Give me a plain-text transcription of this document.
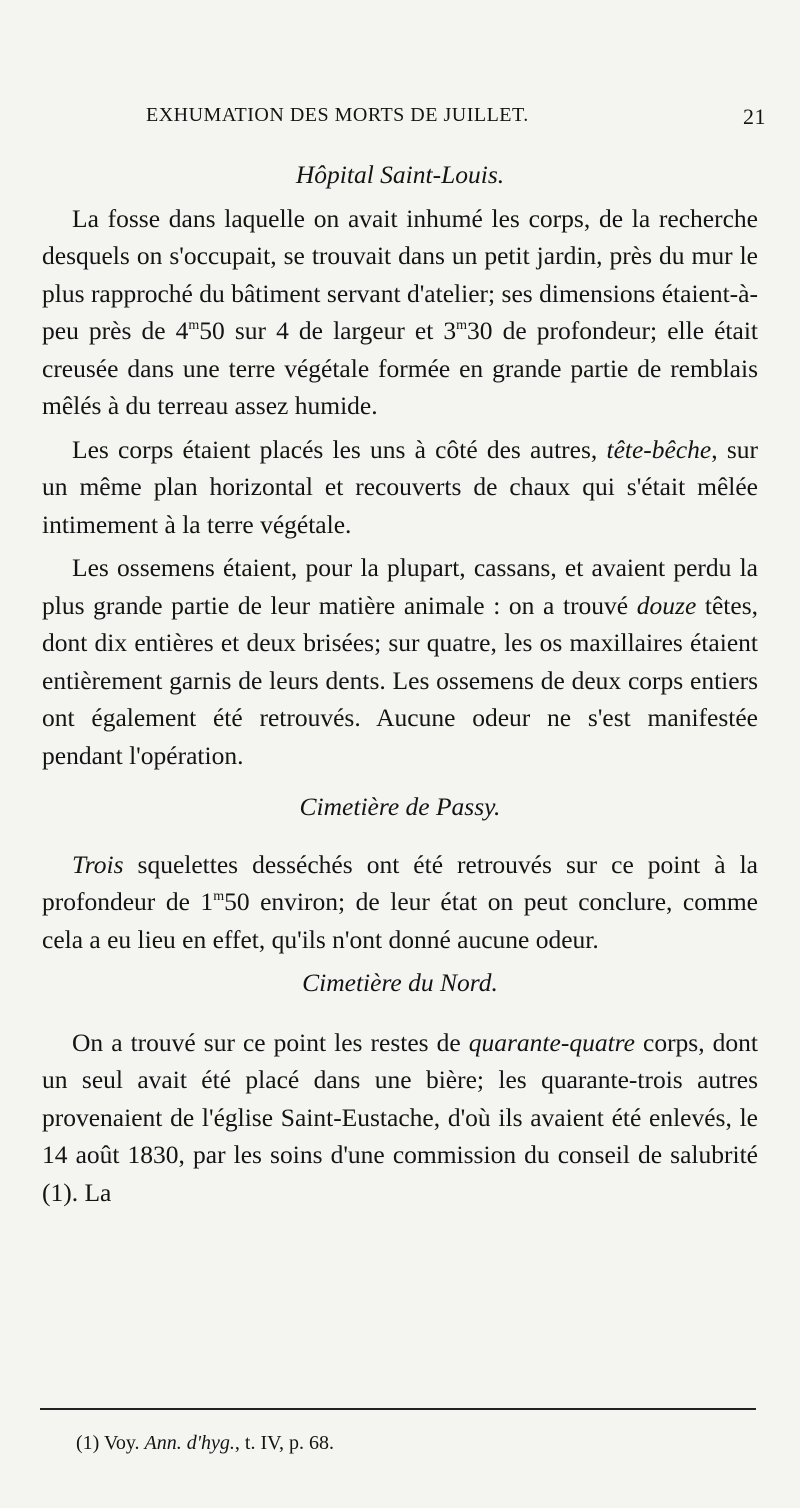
EXHUMATION DES MORTS DE JUILLET.	21

Hôpital Saint-Louis.

La fosse dans laquelle on avait inhumé les corps, de la recherche desquels on s'occupait, se trouvait dans un petit jardin, près du mur le plus rapproché du bâtiment servant d'atelier; ses dimensions étaient-à-peu près de 4$^m$50 sur 4 de largeur et 3$^m$30 de profondeur; elle était creusée dans une terre végétale formée en grande partie de remblais mêlés à du terreau assez humide.

Les corps étaient placés les uns à côté des autres, tête-bêche, sur un même plan horizontal et recouverts de chaux qui s'était mêlée intimement à la terre végétale.

Les ossemens étaient, pour la plupart, cassans, et avaient perdu la plus grande partie de leur matière animale : on a trouvé douze têtes, dont dix entières et deux brisées; sur quatre, les os maxillaires étaient entièrement garnis de leurs dents. Les ossemens de deux corps entiers ont également été retrouvés. Aucune odeur ne s'est manifestée pendant l'opération.

Cimetière de Passy.

Trois squelettes desséchés ont été retrouvés sur ce point à la profondeur de 1$^m$50 environ; de leur état on peut conclure, comme cela a eu lieu en effet, qu'ils n'ont donné aucune odeur.

Cimetière du Nord.

On a trouvé sur ce point les restes de quarante-quatre corps, dont un seul avait été placé dans une bière; les quarante-trois autres provenaient de l'église Saint-Eustache, d'où ils avaient été enlevés, le 14 août 1830, par les soins d'une commission du conseil de salubrité (1). La

(1) Voy. Ann. d'hyg., t. IV, p. 68.
